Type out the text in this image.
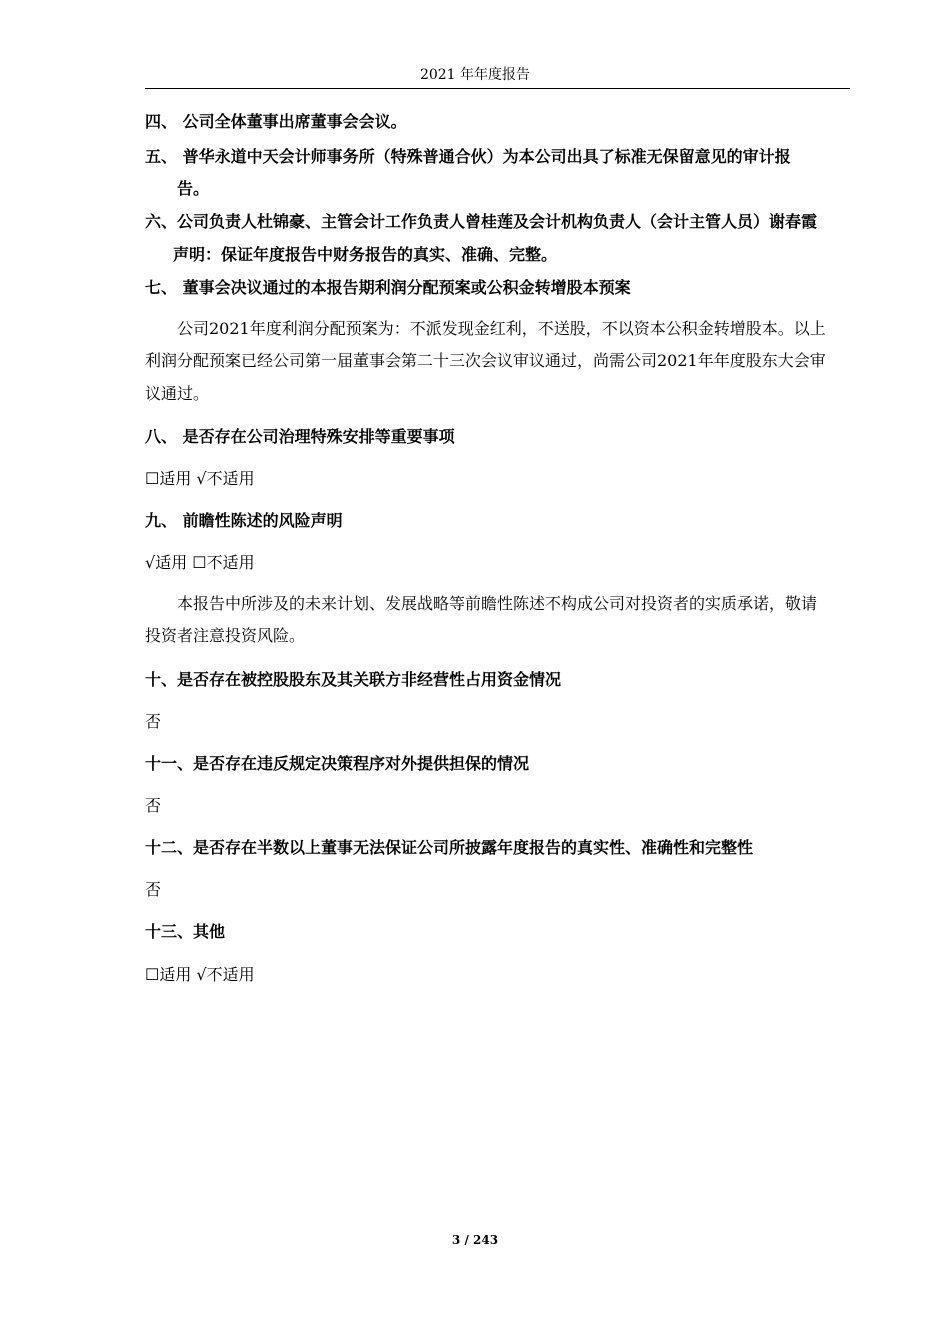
2021 年年度报告
四、 公司全体董事出席董事会会议。
五、 普华永道中天会计师事务所（特殊普通合伙）为本公司出具了标准无保留意见的审计报
告。
六、公司负责人杜锦豪、主管会计工作负责人曾桂莲及会计机构负责人（会计主管人员）谢春霞
声明：保证年度报告中财务报告的真实、准确、完整。
七、 董事会决议通过的本报告期利润分配预案或公积金转增股本预案
公司2021年度利润分配预案为：不派发现金红利，不送股，不以资本公积金转增股本。以上
利润分配预案已经公司第一届董事会第二十三次会议审议通过，尚需公司2021年年度股东大会审
议通过。
八、 是否存在公司治理特殊安排等重要事项
☐适用 √不适用
九、 前瞻性陈述的风险声明
√适用 ☐不适用
本报告中所涉及的未来计划、发展战略等前瞻性陈述不构成公司对投资者的实质承诺，敬请
投资者注意投资风险。
十、是否存在被控股股东及其关联方非经营性占用资金情况
否
十一、是否存在违反规定决策程序对外提供担保的情况
否
十二、是否存在半数以上董事无法保证公司所披露年度报告的真实性、准确性和完整性
否
十三、其他
☐适用 √不适用
3 / 243
